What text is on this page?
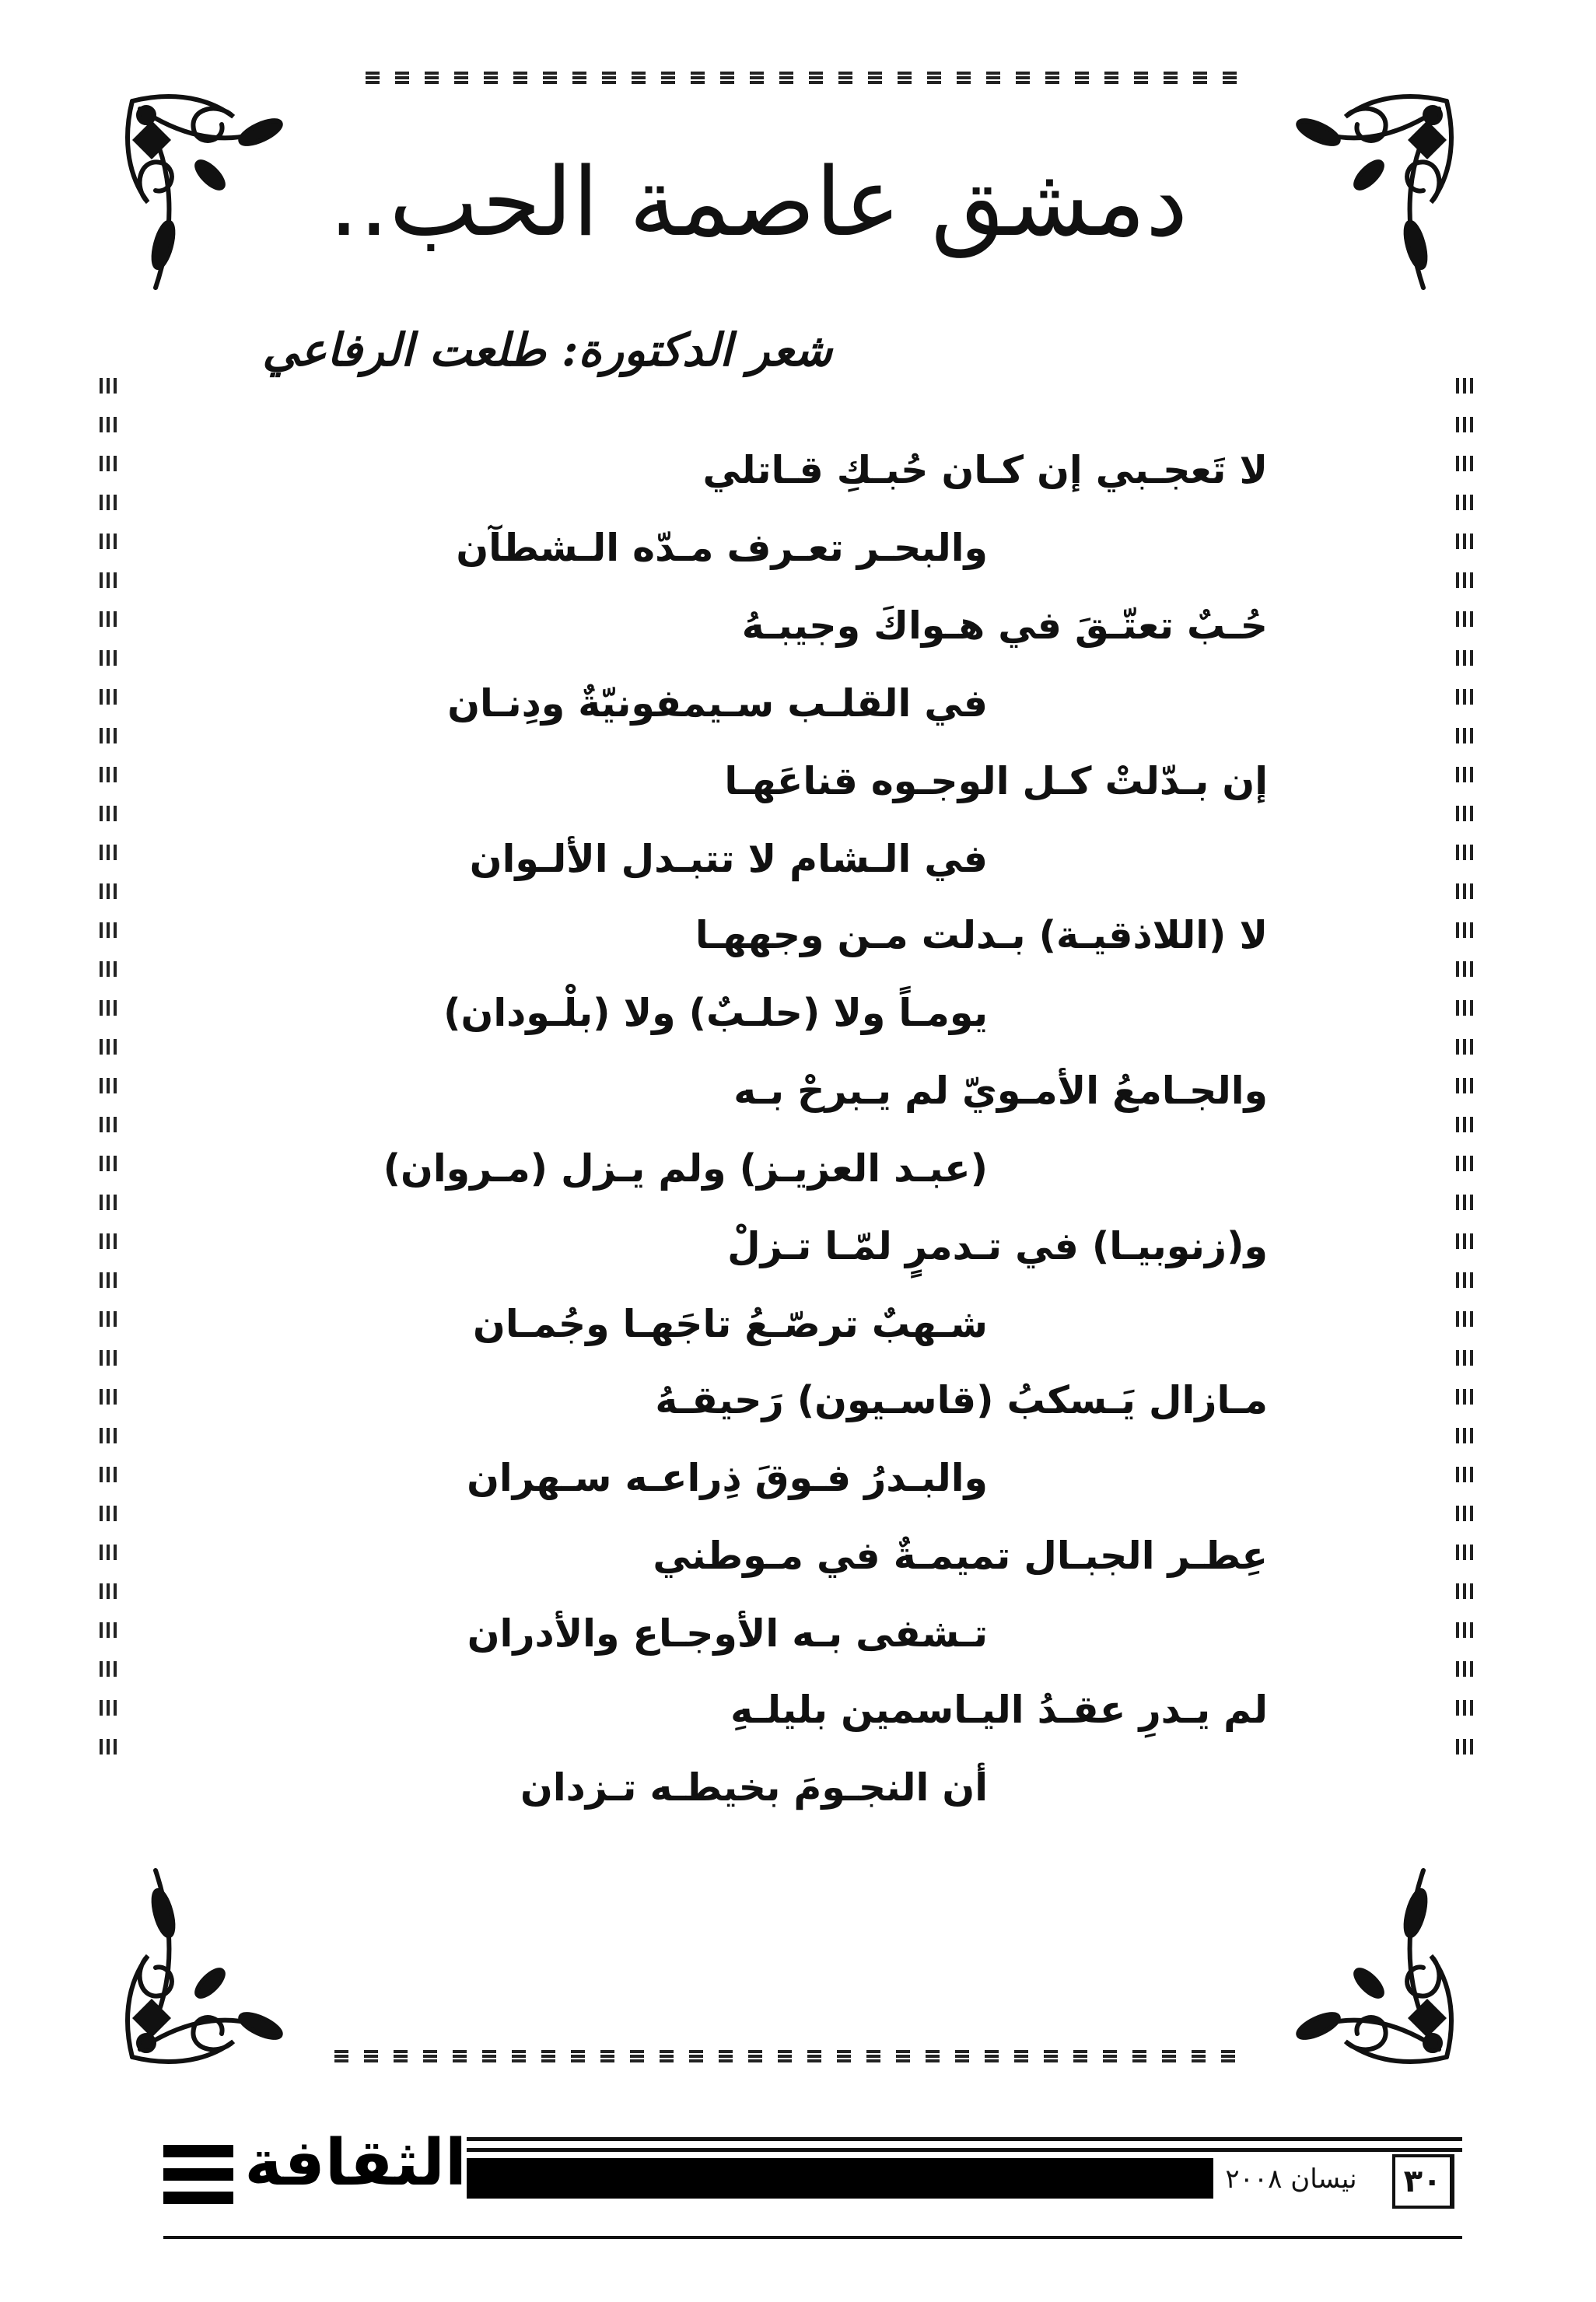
دمشق عاصمة الحب..
شعر الدكتورة: طلعت الرفاعي
لا تَعجـبي إن كـان حُبـكِ قـاتلي
والبحـر تعـرف مـدّه الـشطآن
حُـبٌ تعتّـقَ في هـواكَ وجيبـهُ
في القلـب سـيمفونيّةٌ ودِنـان
إن بـدّلتْ كـل الوجـوه قناعَهـا
في الـشام لا تتبـدل الألـوان
لا (اللاذقيـة) بـدلت مـن وجههـا
يومـاً ولا (حلـبٌ) ولا (بلْـودان)
والجـامعُ الأمـويّ لم يـبرحْ بـه
(عبـد العزيـز) ولم يـزل (مـروان)
و(زنوبيـا) في تـدمرٍ لمّـا تـزلْ
شـهبٌ ترصّـعُ تاجَهـا وجُمـان
مـازال يَـسكبُ (قاسـيون) رَحيقـهُ
والبـدرُ فـوقَ ذِراعـه سـهران
عِطـر الجبـال تميمـةٌ في مـوطني
تـشفى بـه الأوجـاع والأدران
لم يـدرِ عقـدُ اليـاسمين بليلـهِ
أن النجـومَ بخيطـه تـزدان
الثقافة	نيسان ٢٠٠٨	٣٠
